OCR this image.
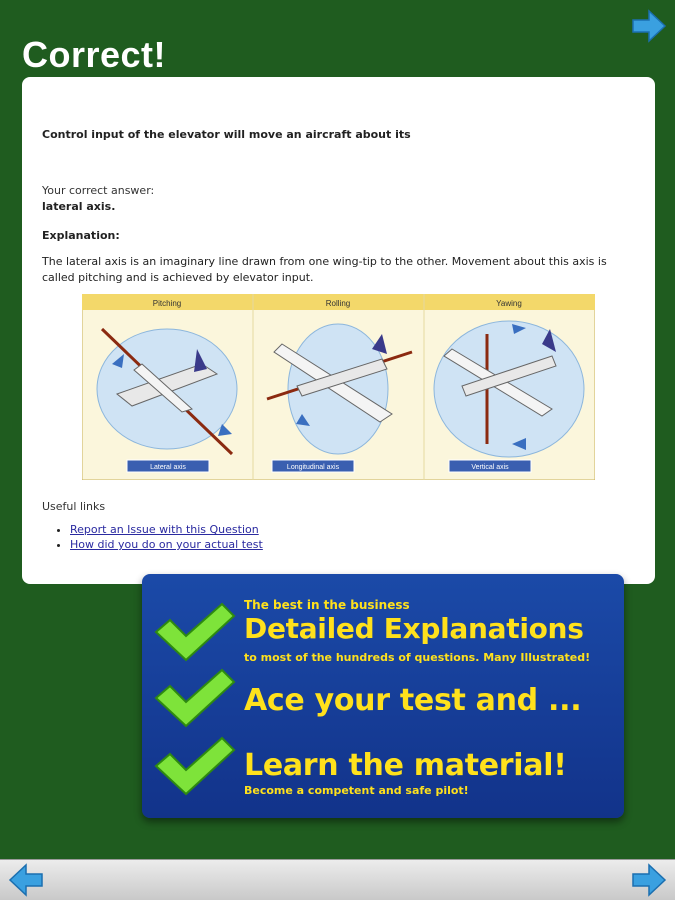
Correct!
Control input of the elevator will move an aircraft about its
Your correct answer:
lateral axis.
Explanation:
The lateral axis is an imaginary line drawn from one wing-tip to the other. Movement about this axis is called pitching and is achieved by elevator input.
Pitching	Rolling	Yawing
Lateral axis	Longitudinal axis	Vertical axis
Useful links
• Report an Issue with this Question
• How did you do on your actual test
The best in the business
Detailed Explanations
to most of the hundreds of questions. Many Illustrated!
Ace your test and ...
Learn the material!
Become a competent and safe pilot!
